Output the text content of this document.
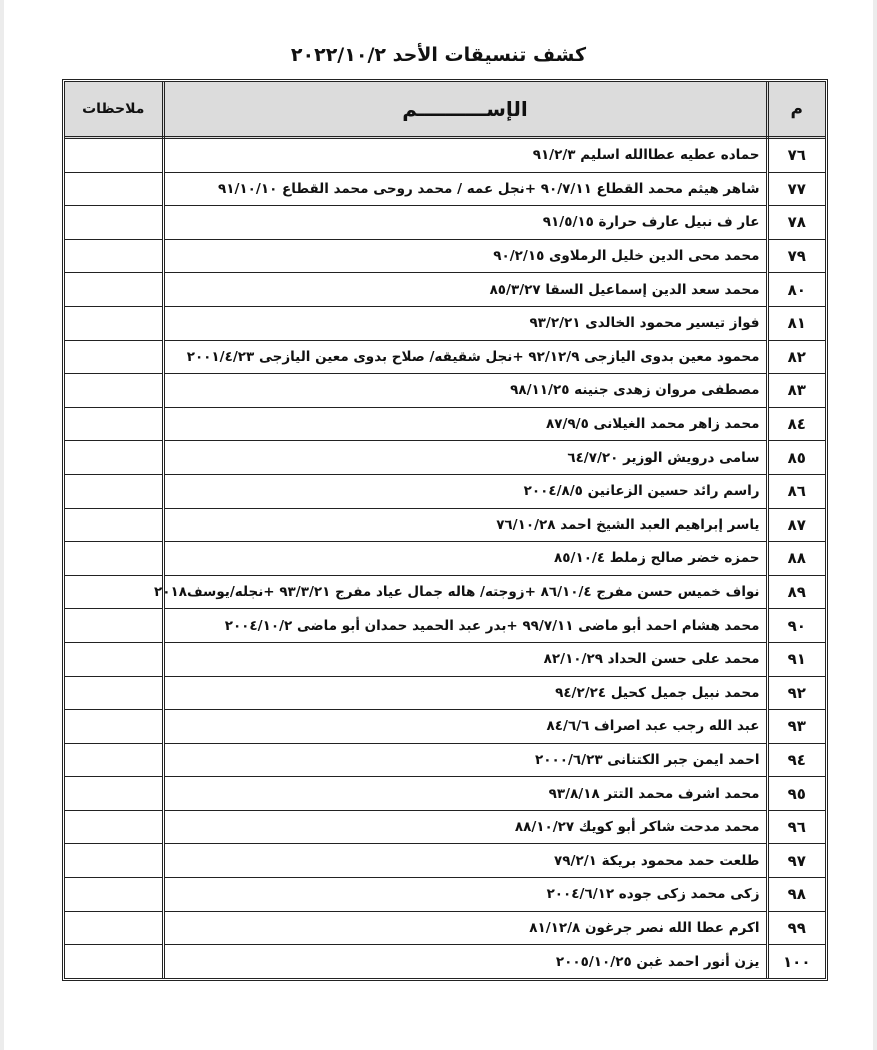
كشف تنسيقات الأحد ٢٠٢٢/١٠/٢
م	الإســــــــــم	ملاحظات
٧٦	حماده عطيه عطاالله اسليم ٩١/٢/٣	
٧٧	شاهر هيثم محمد القطاع ٩٠/٧/١١ +نجل عمه / محمد روحى محمد القطاع ٩١/١٠/١٠	
٧٨	عار ف نبيل عارف حرارة ٩١/٥/١٥	
٧٩	محمد محى الدين خليل الرملاوى ٩٠/٢/١٥	
٨٠	محمد سعد الدين إسماعيل السقا ٨٥/٣/٢٧	
٨١	فواز تيسير محمود الخالدى ٩٣/٢/٢١	
٨٢	محمود معين بدوى اليازجى ٩٢/١٢/٩ +نجل شقيقه/ صلاح بدوى معين اليازجى ٢٠٠١/٤/٢٣	
٨٣	مصطفى مروان زهدى جنينه ٩٨/١١/٢٥	
٨٤	محمد زاهر محمد الغيلانى ٨٧/٩/٥	
٨٥	سامى درويش الوزير ٦٤/٧/٢٠	
٨٦	راسم رائد حسين الزعانين ٢٠٠٤/٨/٥	
٨٧	ياسر إبراهيم العبد الشيخ احمد ٧٦/١٠/٢٨	
٨٨	حمزه خضر صالح زملط ٨٥/١٠/٤	
٨٩	نواف خميس حسن مفرج ٨٦/١٠/٤ +زوجته/ هاله جمال عياد مفرج ٩٣/٣/٢١ +نجله/يوسف٢٠١٨	
٩٠	محمد هشام احمد أبو ماضى ٩٩/٧/١١ +بدر عبد الحميد حمدان أبو ماضى ٢٠٠٤/١٠/٢	
٩١	محمد على حسن الحداد ٨٢/١٠/٢٩	
٩٢	محمد نبيل جميل كحيل ٩٤/٢/٢٤	
٩٣	عبد الله رجب عبد اصراف ٨٤/٦/٦	
٩٤	احمد ايمن جبر الكتنانى ٢٠٠٠/٦/٢٣	
٩٥	محمد اشرف محمد التتر ٩٣/٨/١٨	
٩٦	محمد مدحت شاكر أبو كويك ٨٨/١٠/٢٧	
٩٧	طلعت حمد محمود بريكة ٧٩/٢/١	
٩٨	زكى محمد زكى جوده ٢٠٠٤/٦/١٢	
٩٩	اكرم عطا الله نصر جرغون ٨١/١٢/٨	
١٠٠	يزن أنور احمد غبن ٢٠٠٥/١٠/٢٥	
